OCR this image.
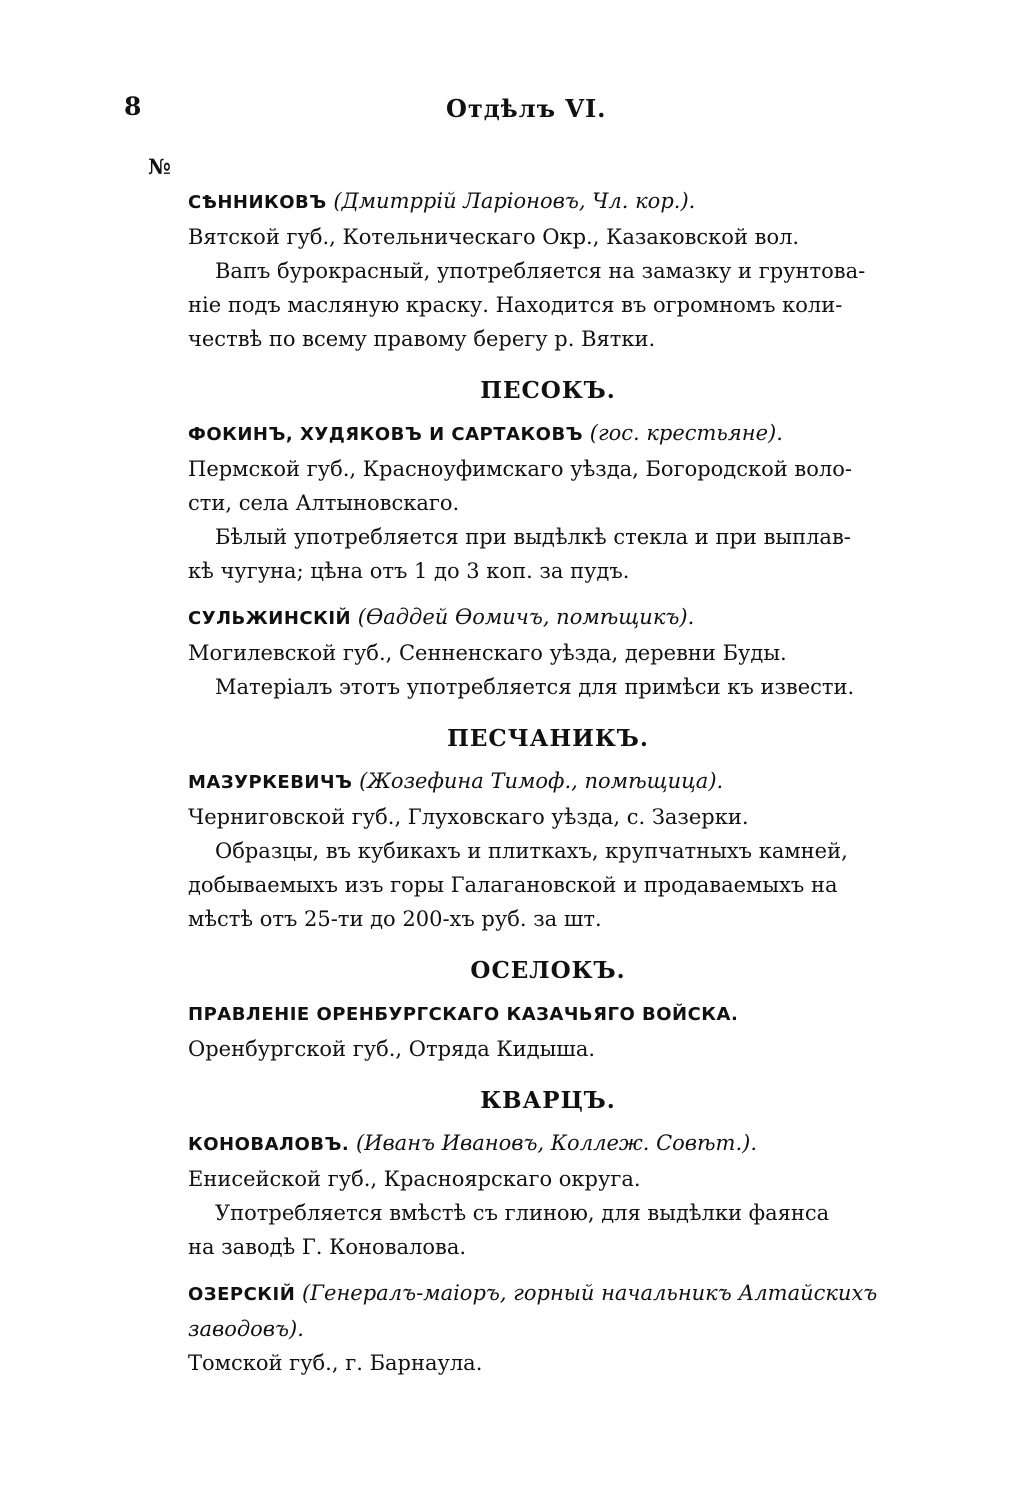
8	Отдѣлъ VI.
№
СѢННИКОВЪ (Дмитррій Ларіоновъ, Чл. кор.).
Вятской губ., Котельническаго Окр., Казаковской вол.
Вапъ бурокрасный, употребляется на замазку и грунтова-
ніе подъ масляную краску. Находится въ огромномъ коли-
чествѣ по всему правому берегу р. Вятки.
ПЕСОКЪ.
ФОКИНЪ, ХУДЯКОВЪ И САРТАКОВЪ (гос. крестьяне).
Пермской губ., Красноуфимскаго уѣзда, Богородской воло-
сти, села Алтыновскаго.
Бѣлый употребляется при выдѣлкѣ стекла и при выплав-
кѣ чугуна; цѣна отъ 1 до 3 коп. за пудъ.
СУЛЬЖИНСКІЙ (Ѳаддей Ѳомичъ, помѣщикъ).
Могилевской губ., Сенненскаго уѣзда, деревни Буды.
Матеріалъ этотъ употребляется для примѣси къ извести.
ПЕСЧАНИКЪ.
МАЗУРКЕВИЧЪ (Жозефина Тимоф., помѣщица).
Черниговской губ., Глуховскаго уѣзда, с. Зазерки.
Образцы, въ кубикахъ и плиткахъ, крупчатныхъ камней,
добываемыхъ изъ горы Галагановской и продаваемыхъ на
мѣстѣ отъ 25-ти до 200-хъ руб. за шт.
ОСЕЛОКЪ.
ПРАВЛЕНІЕ ОРЕНБУРГСКАГО КАЗАЧЬЯГО ВОЙСКА.
Оренбургской губ., Отряда Кидыша.
КВАРЦЪ.
КОНОВАЛОВЪ. (Иванъ Ивановъ, Коллеж. Совѣт.).
Енисейской губ., Красноярскаго округа.
Употребляется вмѣстѣ съ глиною, для выдѣлки фаянса
на заводѣ Г. Коновалова.
ОЗЕРСКІЙ (Генералъ-маіоръ, горный начальникъ Алтайскихъ
заводовъ).
Томской губ., г. Барнаула.
